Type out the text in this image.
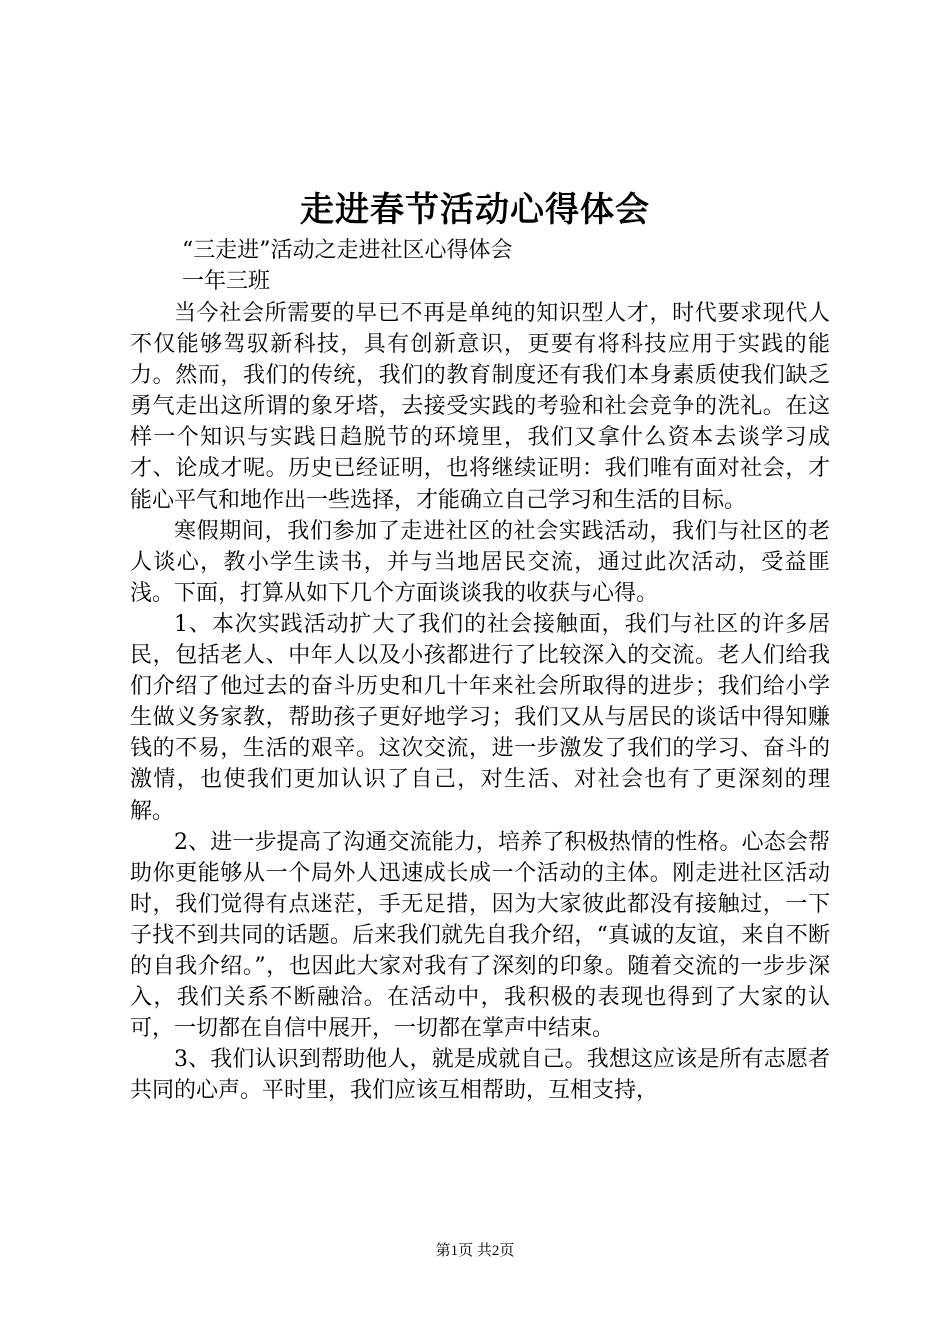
走进春节活动心得体会
“三走进”活动之走进社区心得体会
一年三班

当今社会所需要的早已不再是单纯的知识型人才，时代要求现代人不仅能够驾驭新科技，具有创新意识，更要有将科技应用于实践的能力。然而，我们的传统，我们的教育制度还有我们本身素质使我们缺乏勇气走出这所谓的象牙塔，去接受实践的考验和社会竞争的洗礼。在这样一个知识与实践日趋脱节的环境里，我们又拿什么资本去谈学习成才、论成才呢。历史已经证明，也将继续证明：我们唯有面对社会，才能心平气和地作出一些选择，才能确立自己学习和生活的目标。

寒假期间，我们参加了走进社区的社会实践活动，我们与社区的老人谈心，教小学生读书，并与当地居民交流，通过此次活动，受益匪浅。下面，打算从如下几个方面谈谈我的收获与心得。

1、本次实践活动扩大了我们的社会接触面，我们与社区的许多居民，包括老人、中年人以及小孩都进行了比较深入的交流。老人们给我们介绍了他过去的奋斗历史和几十年来社会所取得的进步；我们给小学生做义务家教，帮助孩子更好地学习；我们又从与居民的谈话中得知赚钱的不易，生活的艰辛。这次交流，进一步激发了我们的学习、奋斗的激情，也使我们更加认识了自己，对生活、对社会也有了更深刻的理解。

2、进一步提高了沟通交流能力，培养了积极热情的性格。心态会帮助你更能够从一个局外人迅速成长成一个活动的主体。刚走进社区活动时，我们觉得有点迷茫，手无足措，因为大家彼此都没有接触过，一下子找不到共同的话题。后来我们就先自我介绍，“真诚的友谊，来自不断的自我介绍。”，也因此大家对我有了深刻的印象。随着交流的一步步深入，我们关系不断融洽。在活动中，我积极的表现也得到了大家的认可，一切都在自信中展开，一切都在掌声中结束。

3、我们认识到帮助他人，就是成就自己。我想这应该是所有志愿者共同的心声。平时里，我们应该互相帮助，互相支持，

第1页 共2页
